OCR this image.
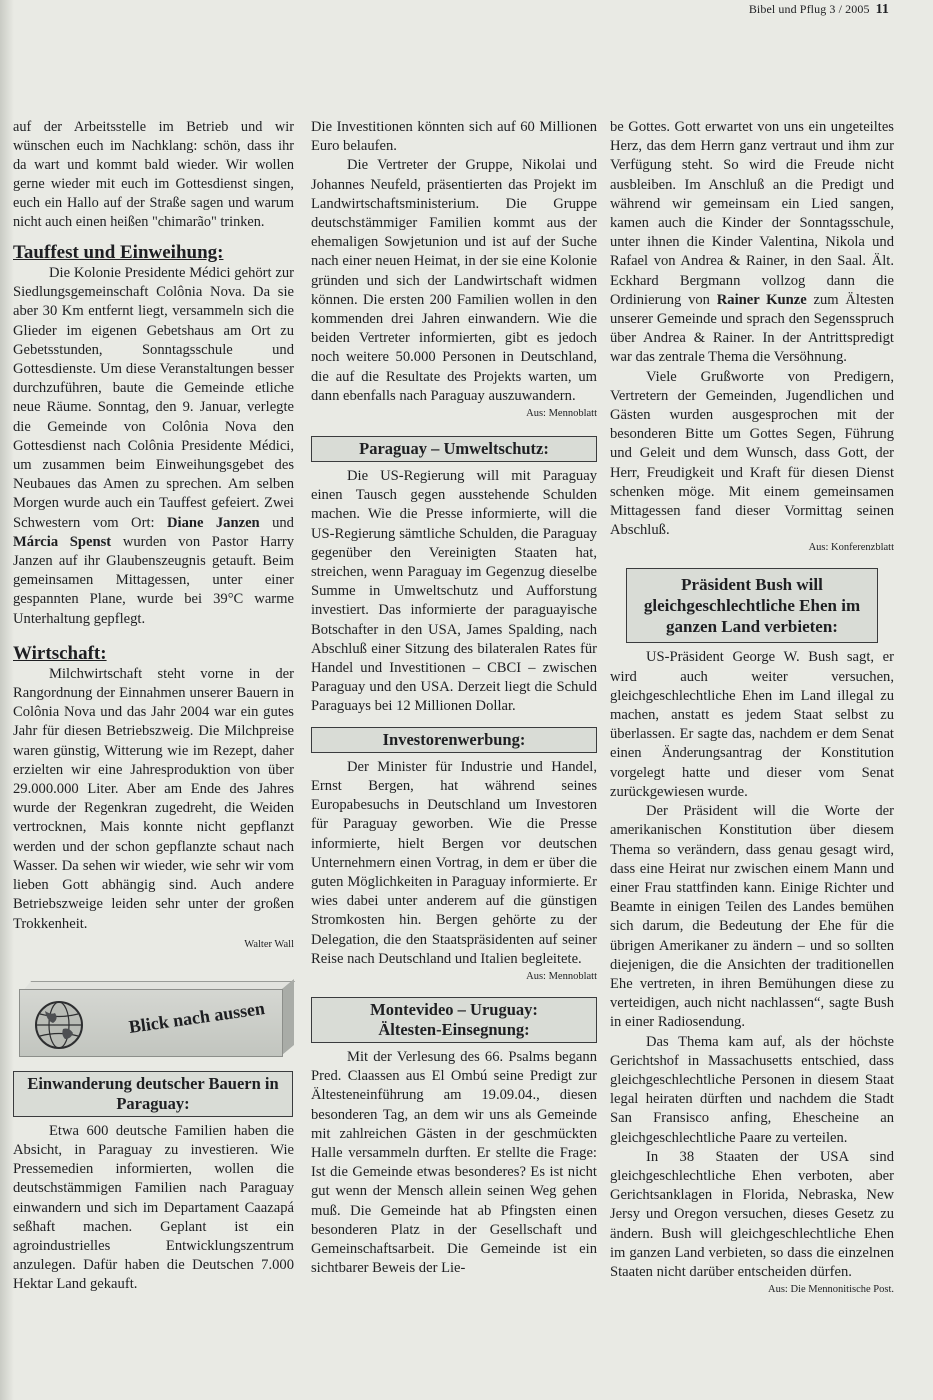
Bibel und Pflug 3 / 2005 11

auf der Arbeitsstelle im Betrieb und wir wünschen euch im Nachklang: schön, dass ihr da wart und kommt bald wieder. Wir wollen gerne wieder mit euch im Gottesdienst singen, euch ein Hallo auf der Straße sagen und warum nicht auch einen heißen "chimarão" trinken.

Tauffest und Einweihung:

Die Kolonie Presidente Médici gehört zur Siedlungsgemeinschaft Colônia Nova. Da sie aber 30 Km entfernt liegt, versammeln sich die Glieder im eigenen Gebetshaus am Ort zu Gebetsstunden, Sonntagsschule und Gottesdienste. Um diese Veranstaltungen besser durchzuführen, baute die Gemeinde etliche neue Räume. Sonntag, den 9. Januar, verlegte die Gemeinde von Colônia Nova den Gottesdienst nach Colônia Presidente Médici, um zusammen beim Einweihungsgebet des Neubaues das Amen zu sprechen. Am selben Morgen wurde auch ein Tauffest gefeiert. Zwei Schwestern vom Ort: Diane Janzen und Márcia Spenst wurden von Pastor Harry Janzen auf ihr Glaubenszeugnis getauft. Beim gemeinsamen Mittagessen, unter einer gespannten Plane, wurde bei 39°C warme Unterhaltung gepflegt.

Wirtschaft:

Milchwirtschaft steht vorne in der Rangordnung der Einnahmen unserer Bauern in Colônia Nova und das Jahr 2004 war ein gutes Jahr für diesen Betriebszweig. Die Milchpreise waren günstig, Witterung wie im Rezept, daher erzielten wir eine Jahresproduktion von über 29.000.000 Liter. Aber am Ende des Jahres wurde der Regenkran zugedreht, die Weiden vertrocknen, Mais konnte nicht gepflanzt werden und der schon gepflanzte schaut nach Wasser. Da sehen wir wieder, wie sehr wir vom lieben Gott abhängig sind. Auch andere Betriebszweige leiden sehr unter der großen Trokkenheit.

Walter Wall
Blick nach aussen
Einwanderung deutscher Bauern in Paraguay:

Etwa 600 deutsche Familien haben die Absicht, in Paraguay zu investieren. Wie Pressemedien informierten, wollen die deutschstämmigen Familien nach Paraguay einwandern und sich im Departament Caazapá seßhaft machen. Geplant ist ein agroindustrielles Entwicklungszentrum anzulegen. Dafür haben die Deutschen 7.000 Hektar Land gekauft.

Die Investitionen könnten sich auf 60 Millionen Euro belaufen.

Die Vertreter der Gruppe, Nikolai und Johannes Neufeld, präsentierten das Projekt im Landwirtschaftsministerium. Die Gruppe deutschstämmiger Familien kommt aus der ehemaligen Sowjetunion und ist auf der Suche nach einer neuen Heimat, in der sie eine Kolonie gründen und sich der Landwirtschaft widmen können. Die ersten 200 Familien wollen in den kommenden drei Jahren einwandern. Wie die beiden Vertreter informierten, gibt es jedoch noch weitere 50.000 Personen in Deutschland, die auf die Resultate des Projekts warten, um dann ebenfalls nach Paraguay auszuwandern.

Aus: Mennoblatt
Paraguay – Umweltschutz:

Die US-Regierung will mit Paraguay einen Tausch gegen ausstehende Schulden machen. Wie die Presse informierte, will die US-Regierung sämtliche Schulden, die Paraguay gegenüber den Vereinigten Staaten hat, streichen, wenn Paraguay im Gegenzug dieselbe Summe in Umweltschutz und Aufforstung investiert. Das informierte der paraguayische Botschafter in den USA, James Spalding, nach Abschluß einer Sitzung des bilateralen Rates für Handel und Investitionen – CBCI – zwischen Paraguay und den USA. Derzeit liegt die Schuld Paraguays bei 12 Millionen Dollar.

Investorenwerbung:

Der Minister für Industrie und Handel, Ernst Bergen, hat während seines Europabesuchs in Deutschland um Investoren für Paraguay geworben. Wie die Presse informierte, hielt Bergen vor deutschen Unternehmern einen Vortrag, in dem er über die guten Möglichkeiten in Paraguay informierte. Er wies dabei unter anderem auf die günstigen Stromkosten hin. Bergen gehörte zu der Delegation, die den Staatspräsidenten auf seiner Reise nach Deutschland und Italien begleitete.

Aus: Mennoblatt
Montevideo – Uruguay:
Ältesten-Einsegnung:

Mit der Verlesung des 66. Psalms begann Pred. Claassen aus El Ombú seine Predigt zur Ältesteneinführung am 19.09.04., diesen besonderen Tag, an dem wir uns als Gemeinde mit zahlreichen Gästen in der geschmückten Halle versammeln durften. Er stellte die Frage: Ist die Gemeinde etwas besonderes? Es ist nicht gut wenn der Mensch allein seinen Weg gehen muß. Die Gemeinde hat ab Pfingsten einen besonderen Platz in der Gesellschaft und Gemeinschaftsarbeit. Die Gemeinde ist ein sichtbarer Beweis der Lie-

be Gottes. Gott erwartet von uns ein ungeteiltes Herz, das dem Herrn ganz vertraut und ihm zur Verfügung steht. So wird die Freude nicht ausbleiben. Im Anschluß an die Predigt und während wir gemeinsam ein Lied sangen, kamen auch die Kinder der Sonntagsschule, unter ihnen die Kinder Valentina, Nikola und Rafael von Andrea & Rainer, in den Saal. Ält. Eckhard Bergmann vollzog dann die Ordinierung von Rainer Kunze zum Ältesten unserer Gemeinde und sprach den Segensspruch über Andrea & Rainer. In der Antrittspredigt war das zentrale Thema die Versöhnung.

Viele Grußworte von Predigern, Vertretern der Gemeinden, Jugendlichen und Gästen wurden ausgesprochen mit der besonderen Bitte um Gottes Segen, Führung und Geleit und dem Wunsch, dass Gott, der Herr, Freudigkeit und Kraft für diesen Dienst schenken möge. Mit einem gemeinsamen Mittagessen fand dieser Vormittag seinen Abschluß.

Aus: Konferenzblatt
Präsident Bush will gleichgeschlechtliche Ehen im ganzen Land verbieten:

US-Präsident George W. Bush sagt, er wird auch weiter versuchen, gleichgeschlechtliche Ehen im Land illegal zu machen, anstatt es jedem Staat selbst zu überlassen. Er sagte das, nachdem er dem Senat einen Änderungsantrag der Konstitution vorgelegt hatte und dieser vom Senat zurückgewiesen wurde.

Der Präsident will die Worte der amerikanischen Konstitution über diesem Thema so verändern, dass genau gesagt wird, dass eine Heirat nur zwischen einem Mann und einer Frau stattfinden kann. Einige Richter und Beamte in einigen Teilen des Landes bemühen sich darum, die Bedeutung der Ehe für die übrigen Amerikaner zu ändern – und so sollten diejenigen, die die Ansichten der traditionellen Ehe vertreten, in ihren Bemühungen diese zu verteidigen, auch nicht nachlassen“, sagte Bush in einer Radiosendung.

Das Thema kam auf, als der höchste Gerichtshof in Massachusetts entschied, dass gleichgeschlechtliche Personen in diesem Staat legal heiraten dürften und nachdem die Stadt San Fransisco anfing, Ehescheine an gleichgeschlechtliche Paare zu verteilen.

In 38 Staaten der USA sind gleichgeschlechtliche Ehen verboten, aber Gerichtsanklagen in Florida, Nebraska, New Jersy und Oregon versuchen, dieses Gesetz zu ändern. Bush will gleichgeschlechtliche Ehen im ganzen Land verbieten, so dass die einzelnen Staaten nicht darüber entscheiden dürfen.

Aus: Die Mennonitische Post.
